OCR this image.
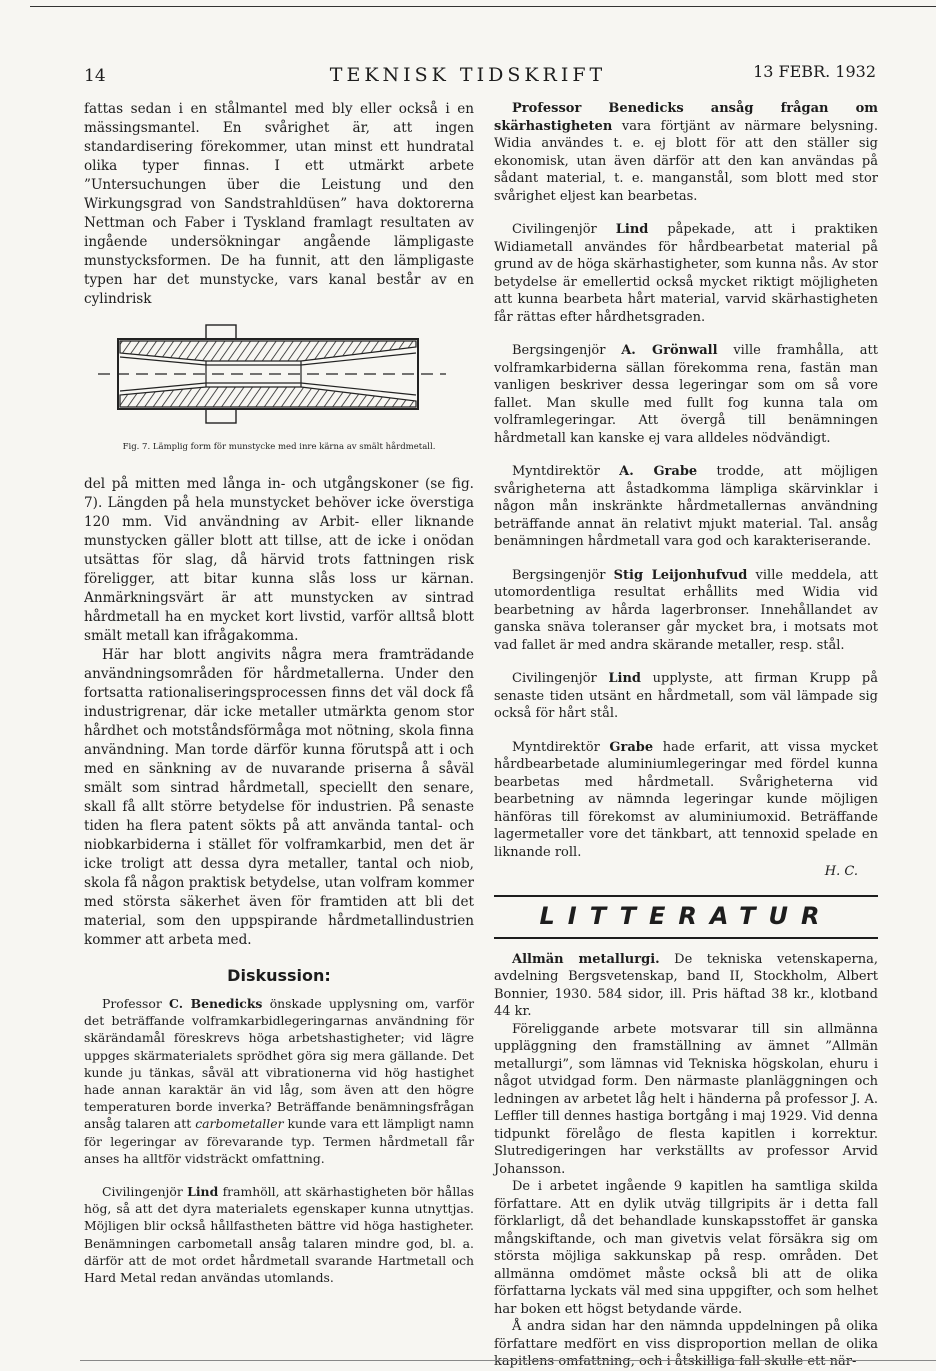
14	TEKNISK TIDSKRIFT	13 FEBR. 1932

fattas sedan i en stålmantel med bly eller också i en mässingsmantel. En svårighet är, att ingen standardisering förekommer, utan minst ett hundratal olika typer finnas. I ett utmärkt arbete ”Untersuchungen über die Leistung und den Wirkungsgrad von Sandstrahldüsen” hava doktorerna Nettman och Faber i Tyskland framlagt resultaten av ingående undersökningar angående lämpligaste munstycksformen. De ha funnit, att den lämpligaste typen har det munstycke, vars kanal består av en cylindrisk

Fig. 7. Lämplig form för munstycke med inre kärna av smält hårdmetall.

del på mitten med långa in- och utgångskoner (se fig. 7). Längden på hela munstycket behöver icke överstiga 120 mm. Vid användning av Arbit- eller liknande munstycken gäller blott att tillse, att de icke i onödan utsättas för slag, då härvid trots fattningen risk föreligger, att bitar kunna slås loss ur kärnan. Anmärkningsvärt är att munstycken av sintrad hårdmetall ha en mycket kort livstid, varför alltså blott smält metall kan ifrågakomma.

Här har blott angivits några mera framträdande användningsområden för hårdmetallerna. Under den fortsatta rationaliseringsprocessen finns det väl dock få industrigrenar, där icke metaller utmärkta genom stor hårdhet och motståndsförmåga mot nötning, skola finna användning. Man torde därför kunna förutspå att i och med en sänkning av de nuvarande priserna å såväl smält som sintrad hårdmetall, speciellt den senare, skall få allt större betydelse för industrien. På senaste tiden ha flera patent sökts på att använda tantal- och niobkarbiderna i stället för volframkarbid, men det är icke troligt att dessa dyra metaller, tantal och niob, skola få någon praktisk betydelse, utan volfram kommer med största säkerhet även för framtiden att bli det material, som den uppspirande hårdmetallindustrien kommer att arbeta med.

Diskussion:

Professor C. Benedicks önskade upplysning om, varför det beträffande volframkarbidlegeringarnas användning för skärändamål föreskrevs höga arbetshastigheter; vid lägre uppges skärmaterialets sprödhet göra sig mera gällande. Det kunde ju tänkas, såväl att vibrationerna vid hög hastighet hade annan karaktär än vid låg, som även att den högre temperaturen borde inverka? Beträffande benämningsfrågan ansåg talaren att carbometaller kunde vara ett lämpligt namn för legeringar av förevarande typ. Termen hårdmetall får anses ha alltför vidsträckt omfattning.

Civilingenjör Lind framhöll, att skärhastigheten bör hållas hög, så att det dyra materialets egenskaper kunna utnyttjas. Möjligen blir också hållfastheten bättre vid höga hastigheter. Benämningen carbometall ansåg talaren mindre god, bl. a. därför att de mot ordet hårdmetall svarande Hartmetall och Hard Metal redan användas utomlands.

Professor Benedicks ansåg frågan om skärhastigheten vara förtjänt av närmare belysning. Widia användes t. e. ej blott för att den ställer sig ekonomisk, utan även därför att den kan användas på sådant material, t. e. manganstål, som blott med stor svårighet eljest kan bearbetas.

Civilingenjör Lind påpekade, att i praktiken Widiametall användes för hårdbearbetat material på grund av de höga skärhastigheter, som kunna nås. Av stor betydelse är emellertid också mycket riktigt möjligheten att kunna bearbeta hårt material, varvid skärhastigheten får rättas efter hårdhetsgraden.

Bergsingenjör A. Grönwall ville framhålla, att volframkarbiderna sällan förekomma rena, fastän man vanligen beskriver dessa legeringar som om så vore fallet. Man skulle med fullt fog kunna tala om volframlegeringar. Att övergå till benämningen hårdmetall kan kanske ej vara alldeles nödvändigt.

Myntdirektör A. Grabe trodde, att möjligen svårigheterna att åstadkomma lämpliga skärvinklar i någon mån inskränkte hårdmetallernas användning beträffande annat än relativt mjukt material. Tal. ansåg benämningen hårdmetall vara god och karakteriserande.

Bergsingenjör Stig Leijonhufvud ville meddela, att utomordentliga resultat erhållits med Widia vid bearbetning av hårda lagerbronser. Innehållandet av ganska snäva toleranser går mycket bra, i motsats mot vad fallet är med andra skärande metaller, resp. stål.

Civilingenjör Lind upplyste, att firman Krupp på senaste tiden utsänt en hårdmetall, som väl lämpade sig också för hårt stål.

Myntdirektör Grabe hade erfarit, att vissa mycket hårdbearbetade aluminiumlegeringar med fördel kunna bearbetas med hårdmetall. Svårigheterna vid bearbetning av nämnda legeringar kunde möjligen hänföras till förekomst av aluminiumoxid. Beträffande lagermetaller vore det tänkbart, att tennoxid spelade en liknande roll.

H. C.
LITTERATUR

Allmän metallurgi. De tekniska vetenskaperna, avdelning Bergsvetenskap, band II, Stockholm, Albert Bonnier, 1930. 584 sidor, ill. Pris häftad 38 kr., klotband 44 kr.

Föreliggande arbete motsvarar till sin allmänna uppläggning den framställning av ämnet ”Allmän metallurgi”, som lämnas vid Tekniska högskolan, ehuru i något utvidgad form. Den närmaste planläggningen och ledningen av arbetet låg helt i händerna på professor J. A. Leffler till dennes hastiga bortgång i maj 1929. Vid denna tidpunkt förelågo de flesta kapitlen i korrektur. Slutredigeringen har verkställts av professor Arvid Johansson.

De i arbetet ingående 9 kapitlen ha samtliga skilda författare. Att en dylik utväg tillgripits är i detta fall förklarligt, då det behandlade kunskapsstoffet är ganska mångskiftande, och man givetvis velat försäkra sig om största möjliga sakkunskap på resp. områden. Det allmänna omdömet måste också bli att de olika författarna lyckats väl med sina uppgifter, och som helhet har boken ett högst betydande värde.

Å andra sidan har den nämnda uppdelningen på olika författare medfört en viss disproportion mellan de olika kapitlens omfattning, och i åtskilliga fall skulle ett när-
